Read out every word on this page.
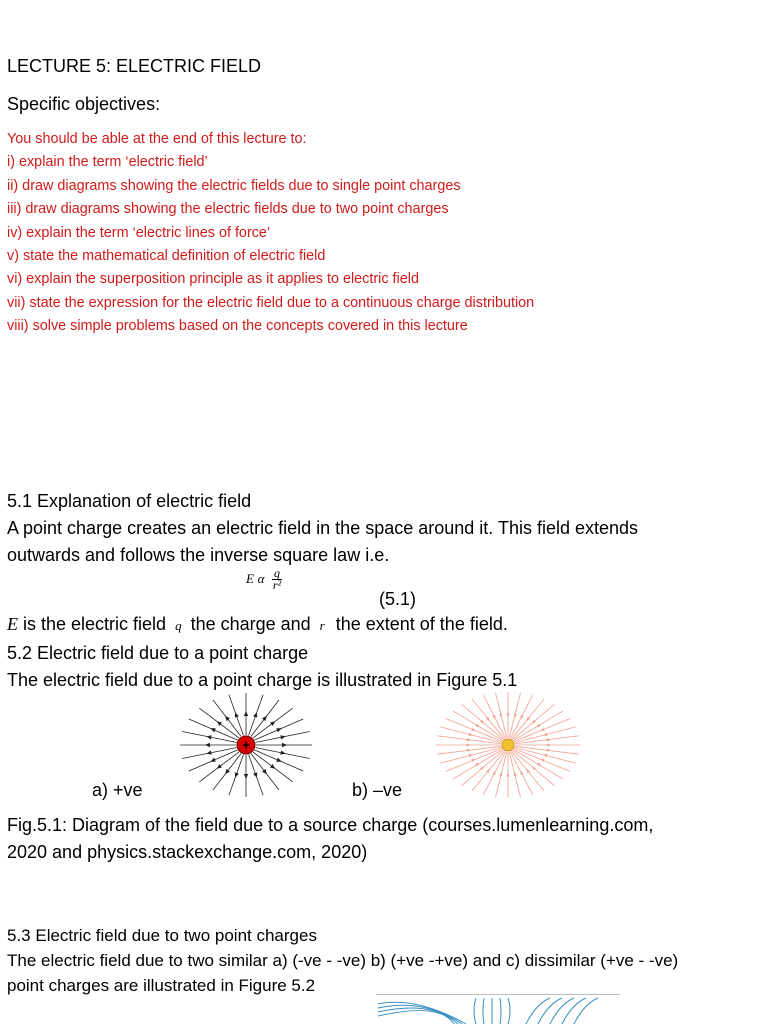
LECTURE 5: ELECTRIC FIELD
Specific objectives:
You should be able at the end of this lecture to:
i) explain the term ‘electric field’
ii) draw diagrams showing the electric fields due to single point charges
iii) draw diagrams showing the electric fields due to two point charges
iv) explain the term ‘electric lines of force’
v) state the mathematical definition of electric field
vi) explain the superposition principle as it applies to electric field
vii) state the expression for the electric field due to a continuous charge distribution
viii) solve simple problems based on the concepts covered in this lecture
5.1 Explanation of electric field
A point charge creates an electric field in the space around it. This field extends
outwards and follows the inverse square law i.e.
E α $\frac{q}{\text{r²}}$
(5.1)
E is the electric field q the charge and r the extent of the field.
5.2 Electric field due to a point charge
The electric field due to a point charge is illustrated in Figure 5.1
+
a) +ve	b) –ve
Fig.5.1: Diagram of the field due to a source charge (courses.lumenlearning.com,
2020 and physics.stackexchange.com, 2020)
5.3 Electric field due to two point charges
The electric field due to two similar a) (-ve - -ve) b) (+ve -+ve) and c) dissimilar (+ve - -ve)
point charges are illustrated in Figure 5.2
